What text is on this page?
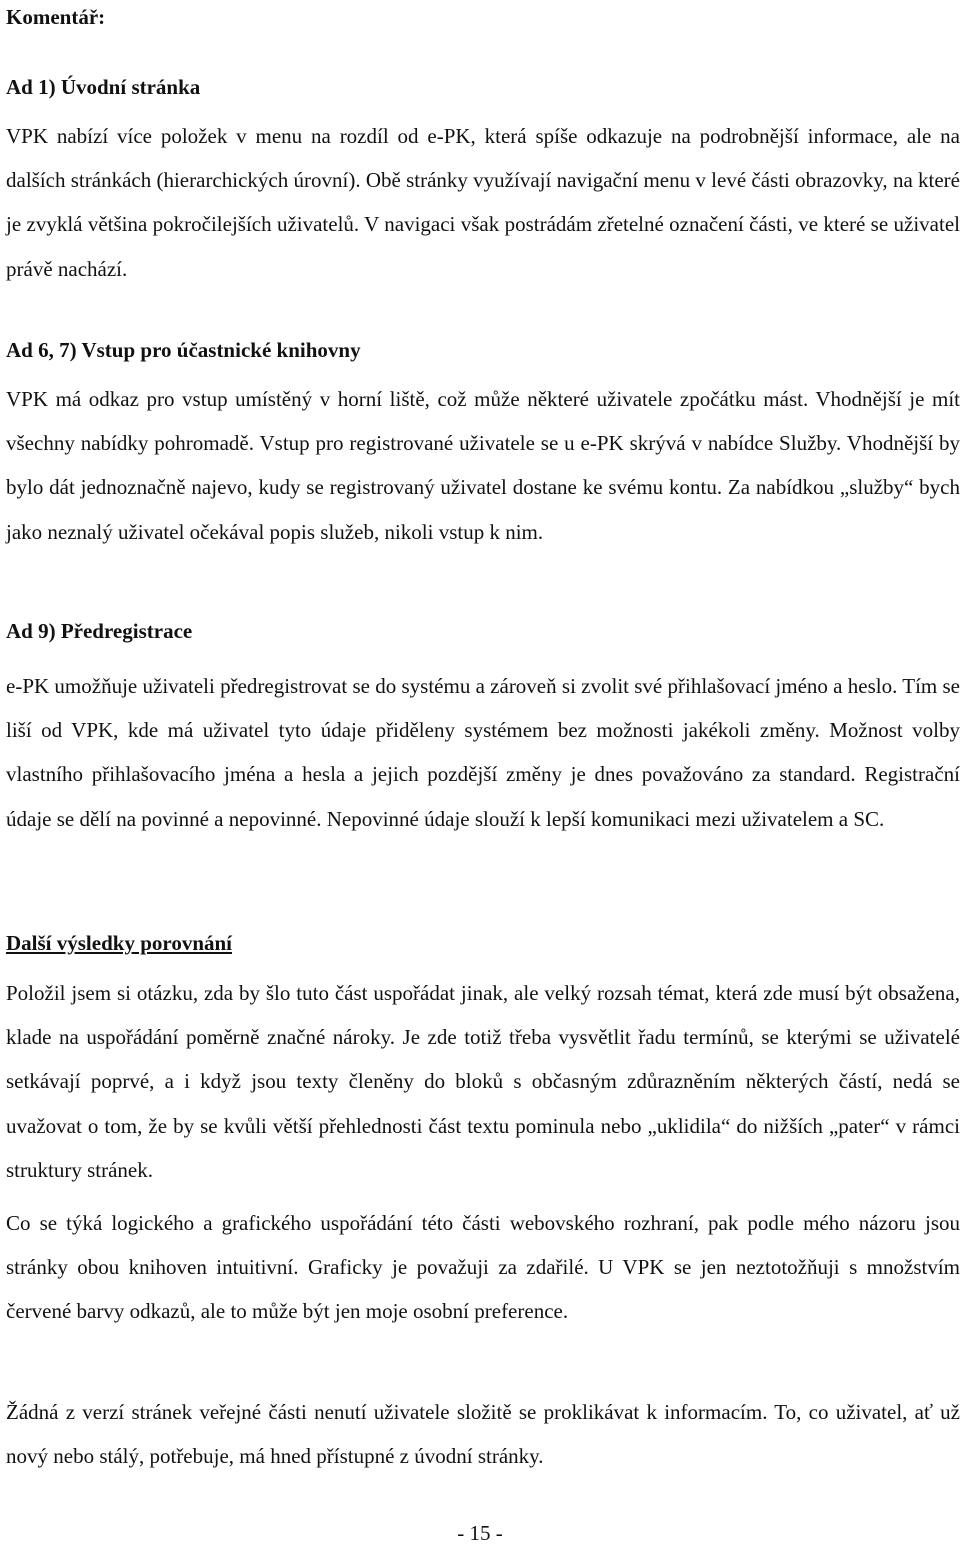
Komentář:
Ad 1) Úvodní stránka

VPK nabízí více položek v menu na rozdíl od e-PK, která spíše odkazuje na podrobnější informace, ale na dalších stránkách (hierarchických úrovní). Obě stránky využívají navigační menu v levé části obrazovky, na které je zvyklá většina pokročilejších uživatelů. V navigaci však postrádám zřetelné označení části, ve které se uživatel právě nachází.

Ad 6, 7) Vstup pro účastnické knihovny

VPK má odkaz pro vstup umístěný v horní liště, což může některé uživatele zpočátku mást. Vhodnější je mít všechny nabídky pohromadě. Vstup pro registrované uživatele se u e-PK skrývá v nabídce Služby. Vhodnější by bylo dát jednoznačně najevo, kudy se registrovaný uživatel dostane ke svému kontu. Za nabídkou „služby“ bych jako neznalý uživatel očekával popis služeb, nikoli vstup k nim.

Ad 9) Předregistrace

e-PK umožňuje uživateli předregistrovat se do systému a zároveň si zvolit své přihlašovací jméno a heslo. Tím se liší od VPK, kde má uživatel tyto údaje přiděleny systémem bez možnosti jakékoli změny. Možnost volby vlastního přihlašovacího jména a hesla a jejich pozdější změny je dnes považováno za standard. Registrační údaje se dělí na povinné a nepovinné. Nepovinné údaje slouží k lepší komunikaci mezi uživatelem a SC.

Další výsledky porovnání

Položil jsem si otázku, zda by šlo tuto část uspořádat jinak, ale velký rozsah témat, která zde musí být obsažena, klade na uspořádání poměrně značné nároky. Je zde totiž třeba vysvětlit řadu termínů, se kterými se uživatelé setkávají poprvé, a i když jsou texty členěny do bloků s občasným zdůrazněním některých částí, nedá se uvažovat o tom, že by se kvůli větší přehlednosti část textu pominula nebo „uklidila“ do nižších „pater“ v rámci struktury stránek.

Co se týká logického a grafického uspořádání této části webovského rozhraní, pak podle mého názoru jsou stránky obou knihoven intuitivní. Graficky je považuji za zdařilé. U VPK se jen neztotožňuji s množstvím červené barvy odkazů, ale to může být jen moje osobní preference.

Žádná z verzí stránek veřejné části nenutí uživatele složitě se proklikávat k informacím. To, co uživatel, ať už nový nebo stálý, potřebuje, má hned přístupné z úvodní stránky.

- 15 -
